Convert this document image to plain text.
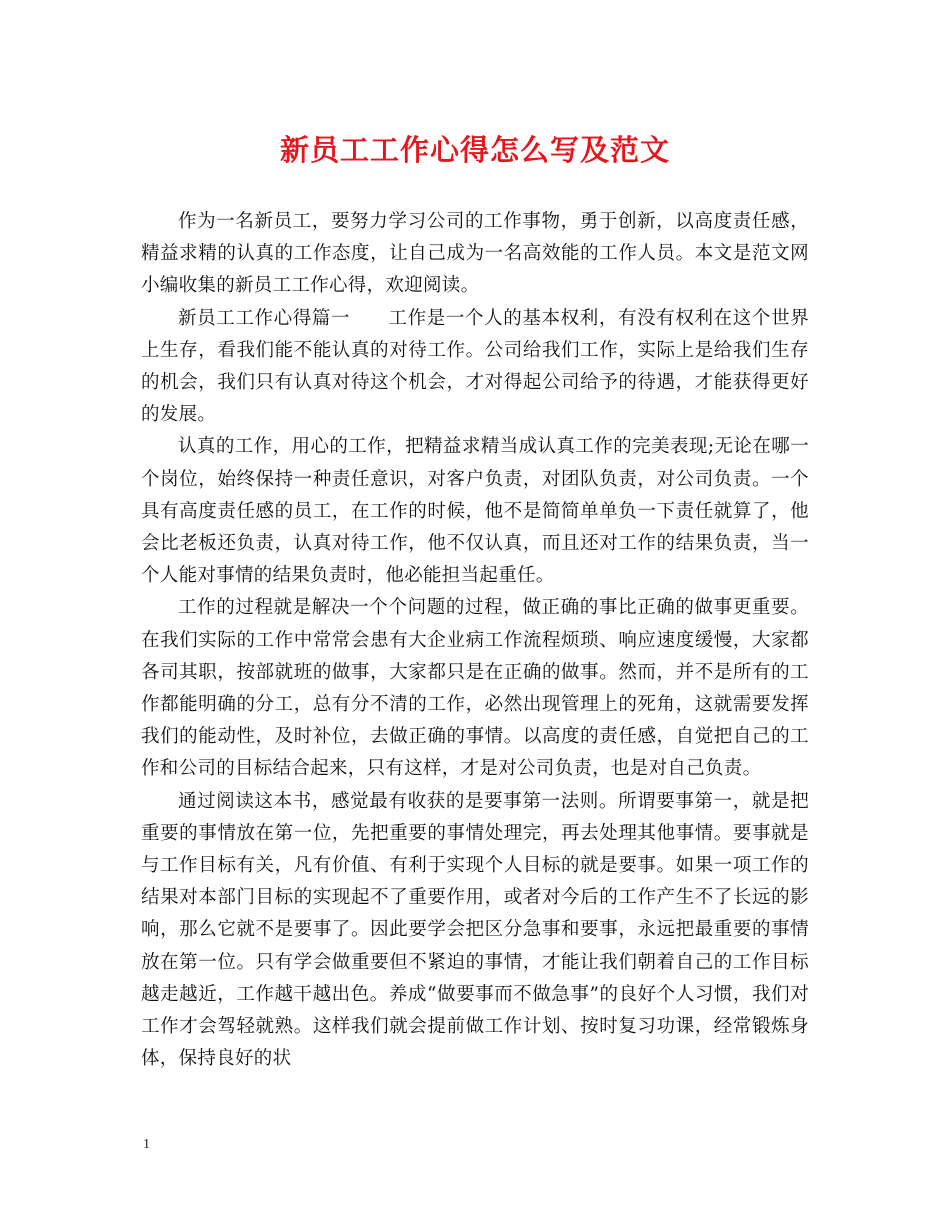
新员工工作心得怎么写及范文

作为一名新员工，要努力学习公司的工作事物，勇于创新，以高度责任感，精益求精的认真的工作态度，让自己成为一名高效能的工作人员。本文是范文网小编收集的新员工工作心得，欢迎阅读。

新员工工作心得篇一　　工作是一个人的基本权利，有没有权利在这个世界上生存，看我们能不能认真的对待工作。公司给我们工作，实际上是给我们生存的机会，我们只有认真对待这个机会，才对得起公司给予的待遇，才能获得更好的发展。

认真的工作，用心的工作，把精益求精当成认真工作的完美表现;无论在哪一个岗位，始终保持一种责任意识，对客户负责，对团队负责，对公司负责。一个具有高度责任感的员工，在工作的时候，他不是简简单单负一下责任就算了，他会比老板还负责，认真对待工作，他不仅认真，而且还对工作的结果负责，当一个人能对事情的结果负责时，他必能担当起重任。

工作的过程就是解决一个个问题的过程，做正确的事比正确的做事更重要。在我们实际的工作中常常会患有大企业病工作流程烦琐、响应速度缓慢，大家都各司其职，按部就班的做事，大家都只是在正确的做事。然而，并不是所有的工作都能明确的分工，总有分不清的工作，必然出现管理上的死角，这就需要发挥我们的能动性，及时补位，去做正确的事情。以高度的责任感，自觉把自己的工作和公司的目标结合起来，只有这样，才是对公司负责，也是对自己负责。

通过阅读这本书，感觉最有收获的是要事第一法则。所谓要事第一，就是把重要的事情放在第一位，先把重要的事情处理完，再去处理其他事情。要事就是与工作目标有关，凡有价值、有利于实现个人目标的就是要事。如果一项工作的结果对本部门目标的实现起不了重要作用，或者对今后的工作产生不了长远的影响，那么它就不是要事了。因此要学会把区分急事和要事，永远把最重要的事情放在第一位。只有学会做重要但不紧迫的事情，才能让我们朝着自己的工作目标越走越近，工作越干越出色。养成“做要事而不做急事”的良好个人习惯，我们对工作才会驾轻就熟。这样我们就会提前做工作计划、按时复习功课，经常锻炼身体，保持良好的状

1
